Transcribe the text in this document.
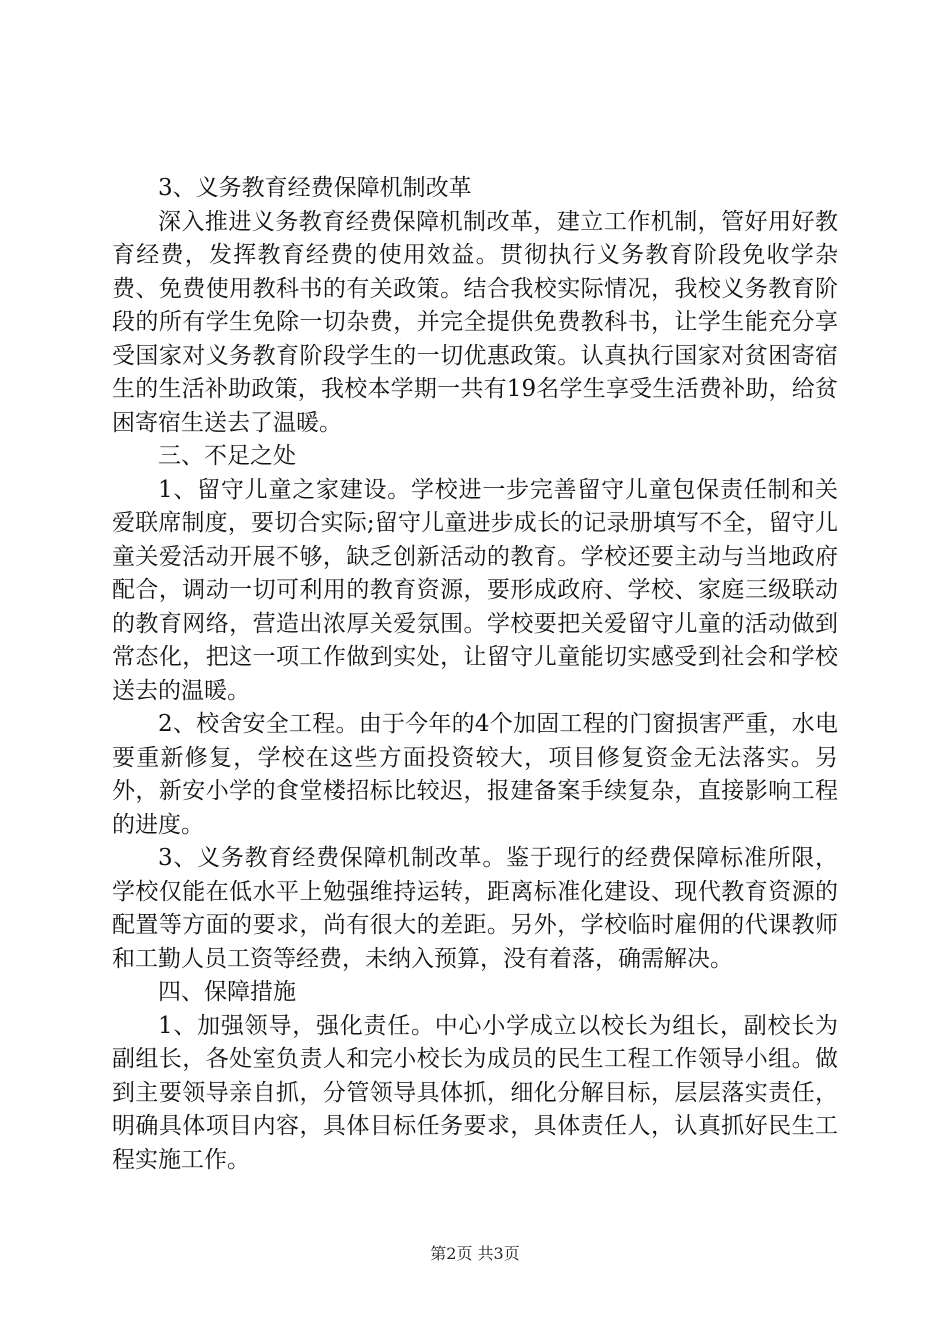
3、义务教育经费保障机制改革

深入推进义务教育经费保障机制改革，建立工作机制，管好用好教育经费，发挥教育经费的使用效益。贯彻执行义务教育阶段免收学杂费、免费使用教科书的有关政策。结合我校实际情况，我校义务教育阶段的所有学生免除一切杂费，并完全提供免费教科书，让学生能充分享受国家对义务教育阶段学生的一切优惠政策。认真执行国家对贫困寄宿生的生活补助政策，我校本学期一共有19名学生享受生活费补助，给贫困寄宿生送去了温暖。

三、不足之处

1、留守儿童之家建设。学校进一步完善留守儿童包保责任制和关爱联席制度，要切合实际;留守儿童进步成长的记录册填写不全，留守儿童关爱活动开展不够，缺乏创新活动的教育。学校还要主动与当地政府配合，调动一切可利用的教育资源，要形成政府、学校、家庭三级联动的教育网络，营造出浓厚关爱氛围。学校要把关爱留守儿童的活动做到常态化，把这一项工作做到实处，让留守儿童能切实感受到社会和学校送去的温暖。

2、校舍安全工程。由于今年的4个加固工程的门窗损害严重，水电要重新修复，学校在这些方面投资较大，项目修复资金无法落实。另外，新安小学的食堂楼招标比较迟，报建备案手续复杂，直接影响工程的进度。

3、义务教育经费保障机制改革。鉴于现行的经费保障标准所限，学校仅能在低水平上勉强维持运转，距离标准化建设、现代教育资源的配置等方面的要求，尚有很大的差距。另外，学校临时雇佣的代课教师和工勤人员工资等经费，未纳入预算，没有着落，确需解决。

四、保障措施

1、加强领导，强化责任。中心小学成立以校长为组长，副校长为副组长，各处室负责人和完小校长为成员的民生工程工作领导小组。做到主要领导亲自抓，分管领导具体抓，细化分解目标，层层落实责任，明确具体项目内容，具体目标任务要求，具体责任人，认真抓好民生工程实施工作。

第2页 共3页
